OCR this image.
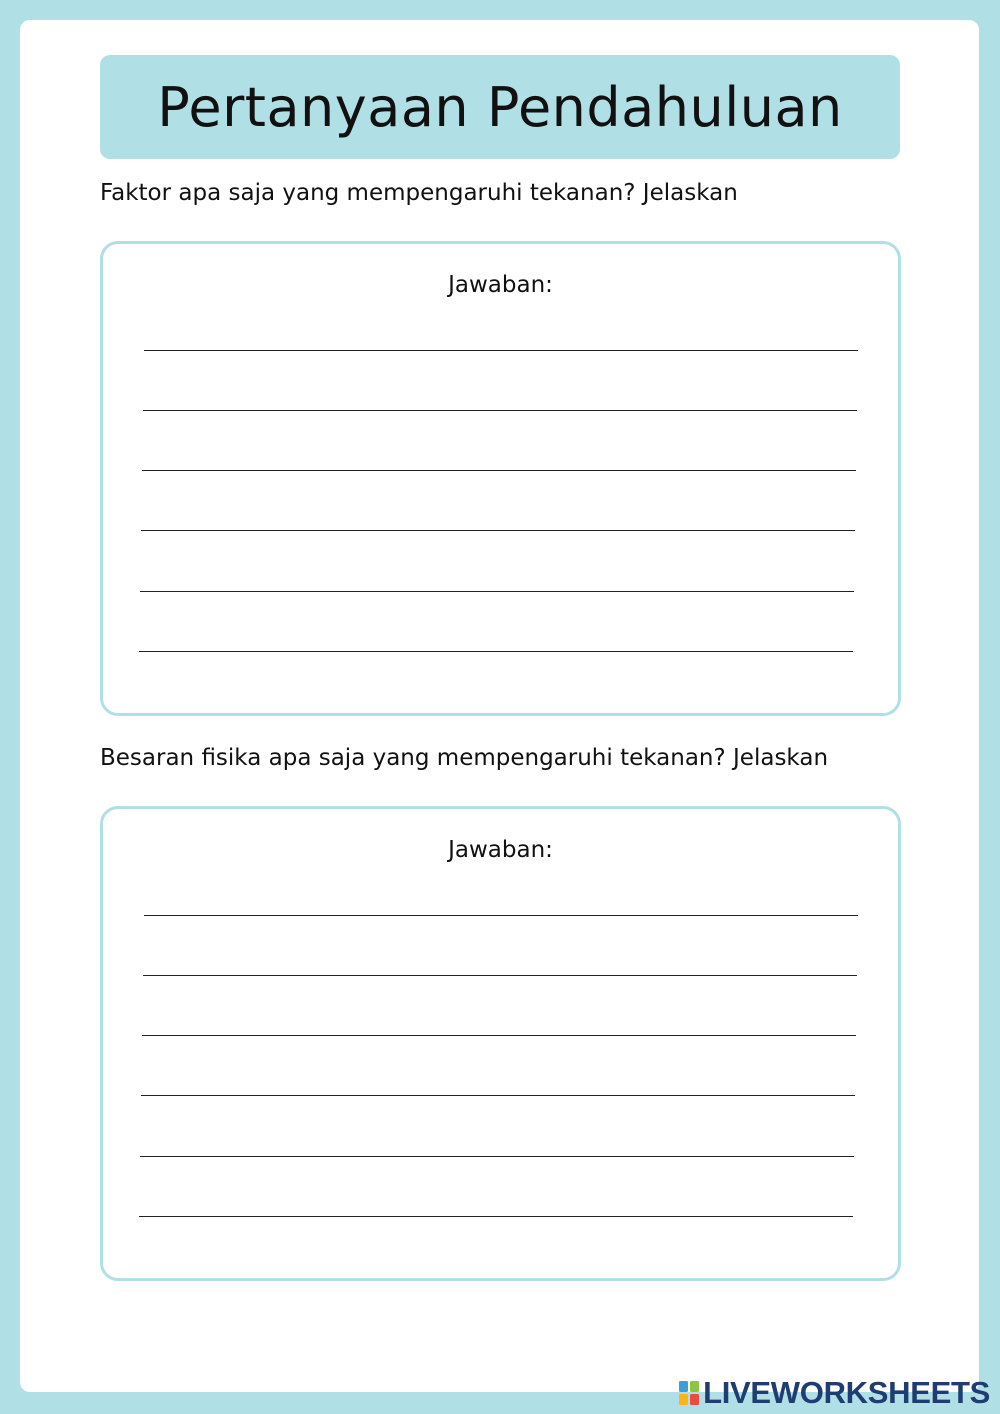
Pertanyaan Pendahuluan
Faktor apa saja yang mempengaruhi tekanan? Jelaskan
Jawaban:
Besaran fisika apa saja yang mempengaruhi tekanan? Jelaskan
Jawaban:
LIVEWORKSHEETS
